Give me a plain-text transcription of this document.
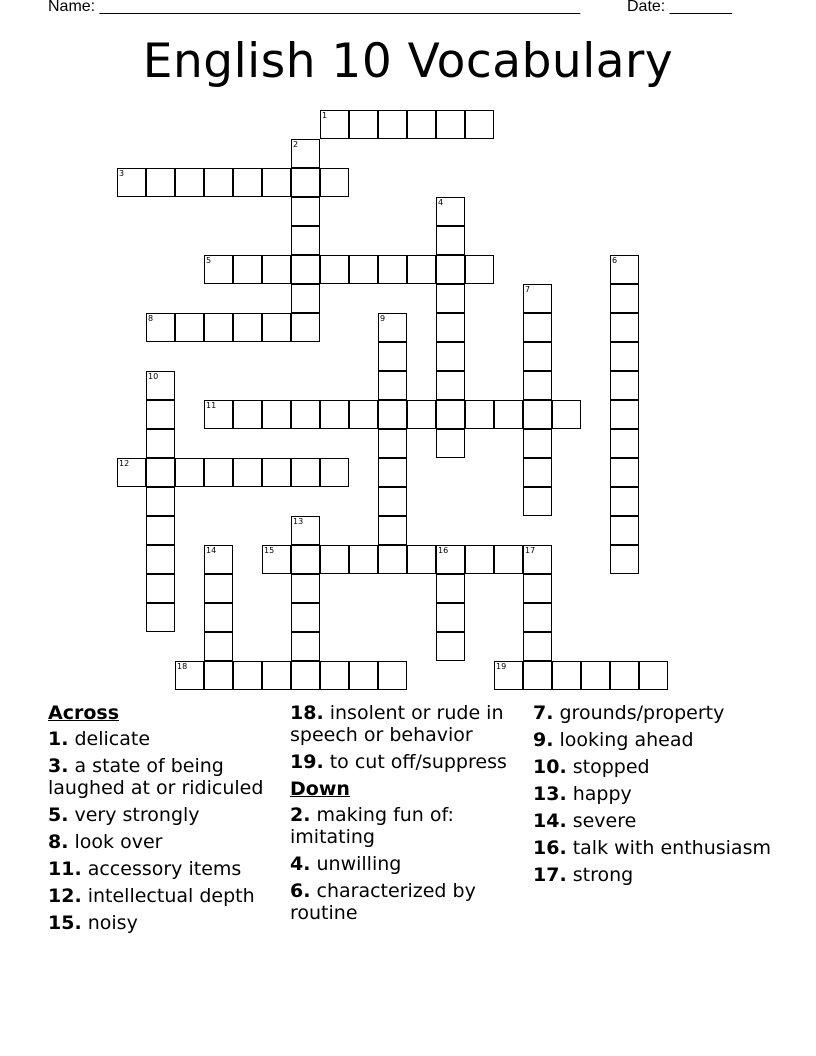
Name: ______________________________________________________	Date: _______
English 10 Vocabulary
1
2
3
4
5	6
7
8	9
10
11
12
13
14	15	16	17
18	19
Across
1. delicate
3. a state of being laughed at or ridiculed
5. very strongly
8. look over
11. accessory items
12. intellectual depth
15. noisy
18. insolent or rude in speech or behavior
19. to cut off/suppress
Down
2. making fun of: imitating
4. unwilling
6. characterized by routine
7. grounds/property
9. looking ahead
10. stopped
13. happy
14. severe
16. talk with enthusiasm
17. strong
